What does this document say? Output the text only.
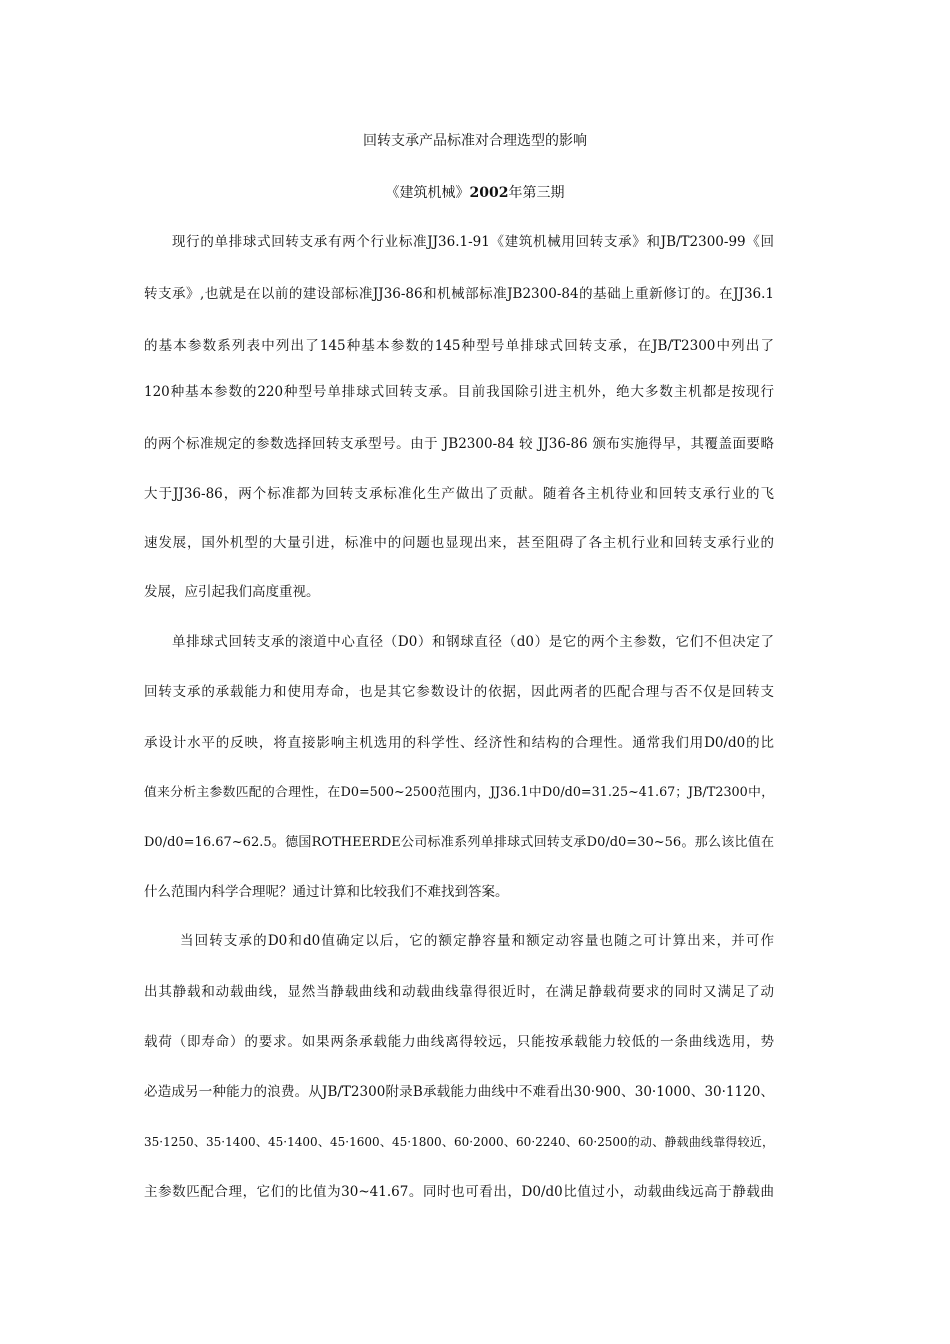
回转支承产品标准对合理选型的影响
《建筑机械》2002年第三期
现行的单排球式回转支承有两个行业标准JJ36.1-91《建筑机械用回转支承》和JB/T2300-99《回
转支承》,也就是在以前的建设部标准JJ36-86和机械部标准JB2300-84的基础上重新修订的。在JJ36.1
的基本参数系列表中列出了145种基本参数的145种型号单排球式回转支承，在JB/T2300中列出了
120种基本参数的220种型号单排球式回转支承。目前我国除引进主机外，绝大多数主机都是按现行
的两个标准规定的参数选择回转支承型号。由于 JB2300-84 较 JJ36-86 颁布实施得早，其覆盖面要略
大于JJ36-86，两个标准都为回转支承标准化生产做出了贡献。随着各主机待业和回转支承行业的飞
速发展，国外机型的大量引进，标准中的问题也显现出来，甚至阻碍了各主机行业和回转支承行业的
发展，应引起我们高度重视。
单排球式回转支承的滚道中心直径（D0）和钢球直径（d0）是它的两个主参数，它们不但决定了
回转支承的承载能力和使用寿命，也是其它参数设计的依据，因此两者的匹配合理与否不仅是回转支
承设计水平的反映，将直接影响主机选用的科学性、经济性和结构的合理性。通常我们用D0/d0的比
值来分析主参数匹配的合理性，在D0=500~2500范围内，JJ36.1中D0/d0=31.25~41.67；JB/T2300中，
D0/d0=16.67~62.5。德国ROTHEERDE公司标准系列单排球式回转支承D0/d0=30~56。那么该比值在
什么范围内科学合理呢？通过计算和比较我们不难找到答案。
当回转支承的D0和d0值确定以后，它的额定静容量和额定动容量也随之可计算出来，并可作
出其静载和动载曲线，显然当静载曲线和动载曲线靠得很近时，在满足静载荷要求的同时又满足了动
载荷（即寿命）的要求。如果两条承载能力曲线离得较远，只能按承载能力较低的一条曲线选用，势
必造成另一种能力的浪费。从JB/T2300附录B承载能力曲线中不难看出30·900、30·1000、30·1120、
35·1250、35·1400、45·1400、45·1600、45·1800、60·2000、60·2240、60·2500的动、静载曲线靠得较近，
主参数匹配合理，它们的比值为30~41.67。同时也可看出，D0/d0比值过小，动载曲线远高于静载曲
